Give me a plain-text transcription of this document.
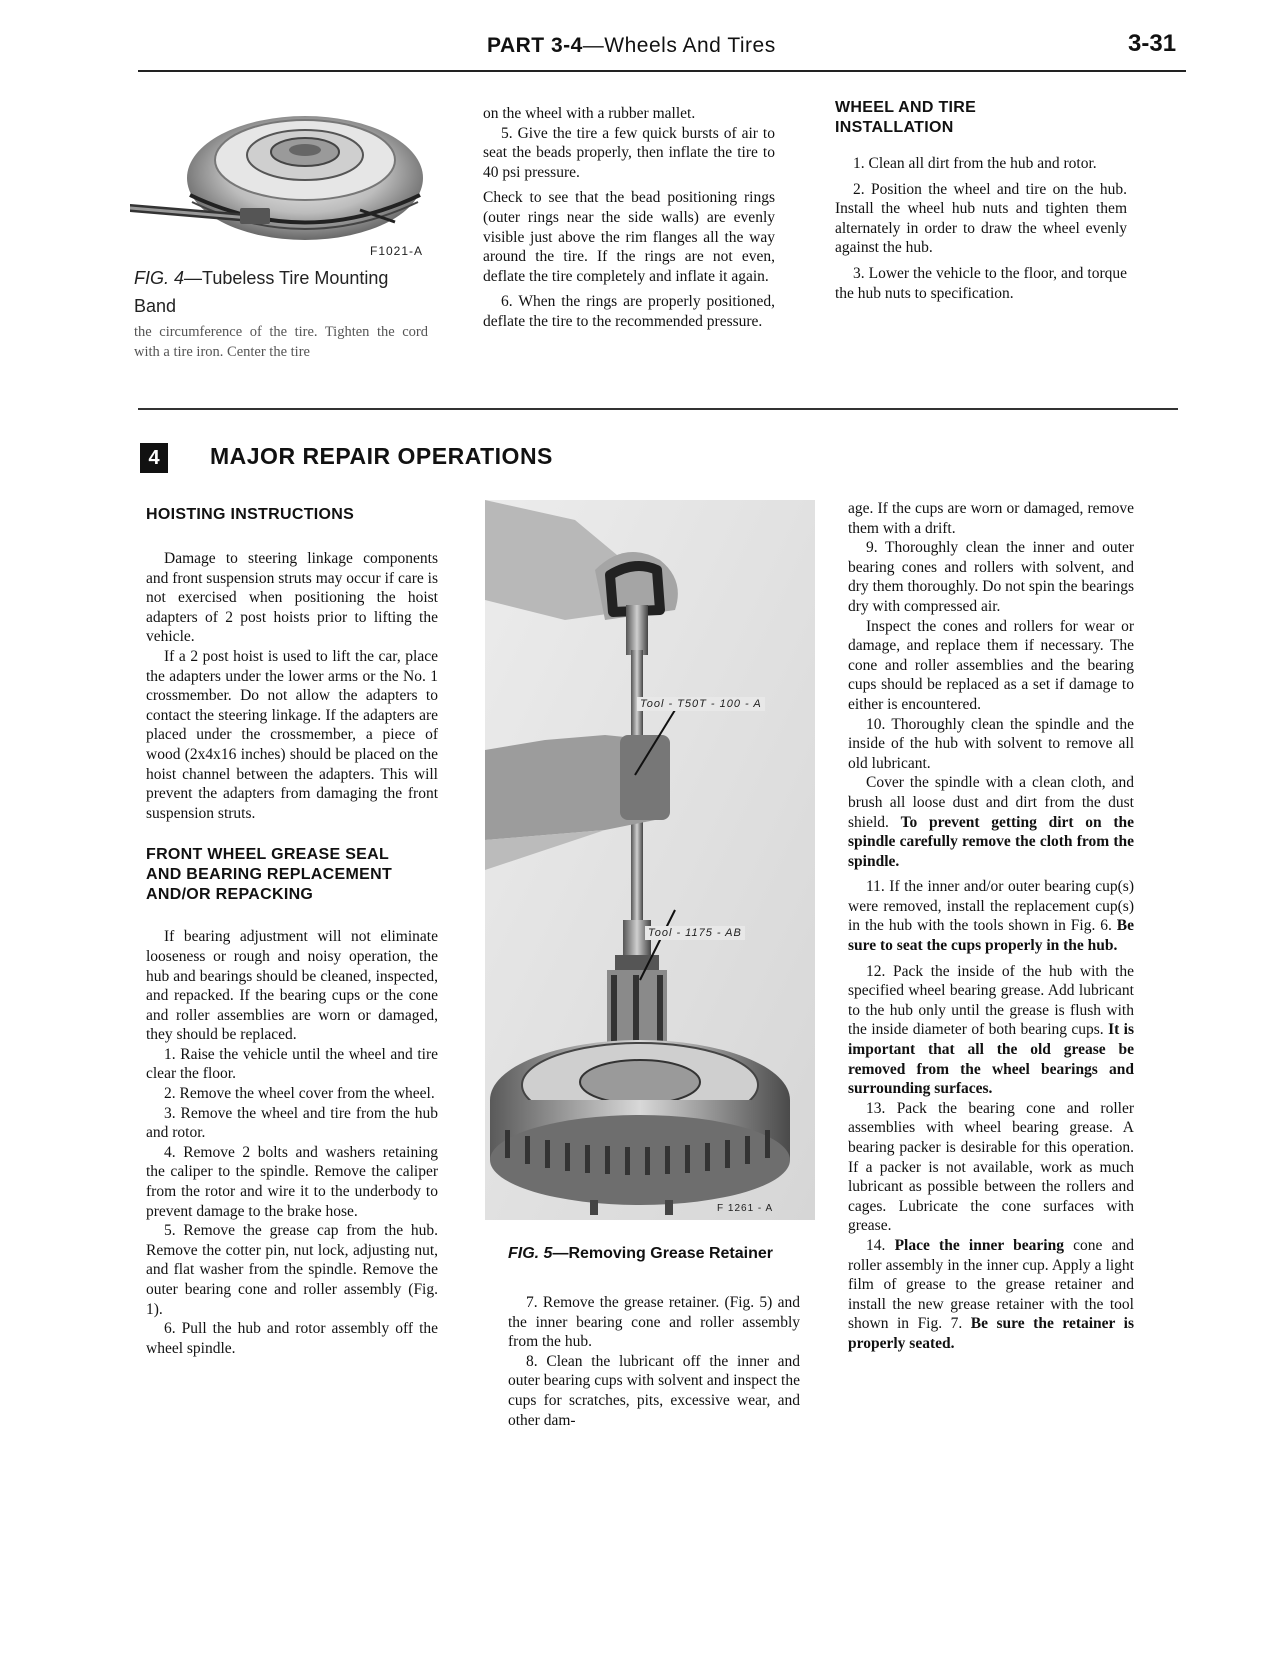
PART 3-4—Wheels And Tires	3-31
F1021-A
FIG. 4—Tubeless Tire Mounting
Band

the circumference of the tire. Tighten the cord with a tire iron. Center the tire

on the wheel with a rubber mallet.

5. Give the tire a few quick bursts of air to seat the beads properly, then inflate the tire to 40 psi pressure.

Check to see that the bead positioning rings (outer rings near the side walls) are evenly visible just above the rim flanges all the way around the tire. If the rings are not even, deflate the tire completely and inflate it again.

6. When the rings are properly positioned, deflate the tire to the recommended pressure.

WHEEL AND TIRE
INSTALLATION

1. Clean all dirt from the hub and rotor.

2. Position the wheel and tire on the hub. Install the wheel hub nuts and tighten them alternately in order to draw the wheel evenly against the hub.

3. Lower the vehicle to the floor, and torque the hub nuts to specification.

4	MAJOR REPAIR OPERATIONS
HOISTING INSTRUCTIONS

Damage to steering linkage components and front suspension struts may occur if care is not exercised when positioning the hoist adapters of 2 post hoists prior to lifting the vehicle.

If a 2 post hoist is used to lift the car, place the adapters under the lower arms or the No. 1 crossmember. Do not allow the adapters to contact the steering linkage. If the adapters are placed under the crossmember, a piece of wood (2x4x16 inches) should be placed on the hoist channel between the adapters. This will prevent the adapters from damaging the front suspension struts.

FRONT WHEEL GREASE SEAL
AND BEARING REPLACEMENT
AND/OR REPACKING

If bearing adjustment will not eliminate looseness or rough and noisy operation, the hub and bearings should be cleaned, inspected, and repacked. If the bearing cups or the cone and roller assemblies are worn or damaged, they should be replaced.

1. Raise the vehicle until the wheel and tire clear the floor.

2. Remove the wheel cover from the wheel.

3. Remove the wheel and tire from the hub and rotor.

4. Remove 2 bolts and washers retaining the caliper to the spindle. Remove the caliper from the rotor and wire it to the underbody to prevent damage to the brake hose.

5. Remove the grease cap from the hub. Remove the cotter pin, nut lock, adjusting nut, and flat washer from the spindle. Remove the outer bearing cone and roller assembly (Fig. 1).

6. Pull the hub and rotor assembly off the wheel spindle.

Tool - T50T - 100 - A
Tool - 1175 - AB
F 1261 - A
FIG. 5—Removing Grease Retainer

7. Remove the grease retainer. (Fig. 5) and the inner bearing cone and roller assembly from the hub.

8. Clean the lubricant off the inner and outer bearing cups with solvent and inspect the cups for scratches, pits, excessive wear, and other dam-

age. If the cups are worn or damaged, remove them with a drift.

9. Thoroughly clean the inner and outer bearing cones and rollers with solvent, and dry them thoroughly. Do not spin the bearings dry with compressed air.

Inspect the cones and rollers for wear or damage, and replace them if necessary. The cone and roller assemblies and the bearing cups should be replaced as a set if damage to either is encountered.

10. Thoroughly clean the spindle and the inside of the hub with solvent to remove all old lubricant.

Cover the spindle with a clean cloth, and brush all loose dust and dirt from the dust shield. To prevent getting dirt on the spindle carefully remove the cloth from the spindle.

11. If the inner and/or outer bearing cup(s) were removed, install the replacement cup(s) in the hub with the tools shown in Fig. 6. Be sure to seat the cups properly in the hub.

12. Pack the inside of the hub with the specified wheel bearing grease. Add lubricant to the hub only until the grease is flush with the inside diameter of both bearing cups. It is important that all the old grease be removed from the wheel bearings and surrounding surfaces.

13. Pack the bearing cone and roller assemblies with wheel bearing grease. A bearing packer is desirable for this operation. If a packer is not available, work as much lubricant as possible between the rollers and cages. Lubricate the cone surfaces with grease.

14. Place the inner bearing cone and roller assembly in the inner cup. Apply a light film of grease to the grease retainer and install the new grease retainer with the tool shown in Fig. 7. Be sure the retainer is properly seated.
